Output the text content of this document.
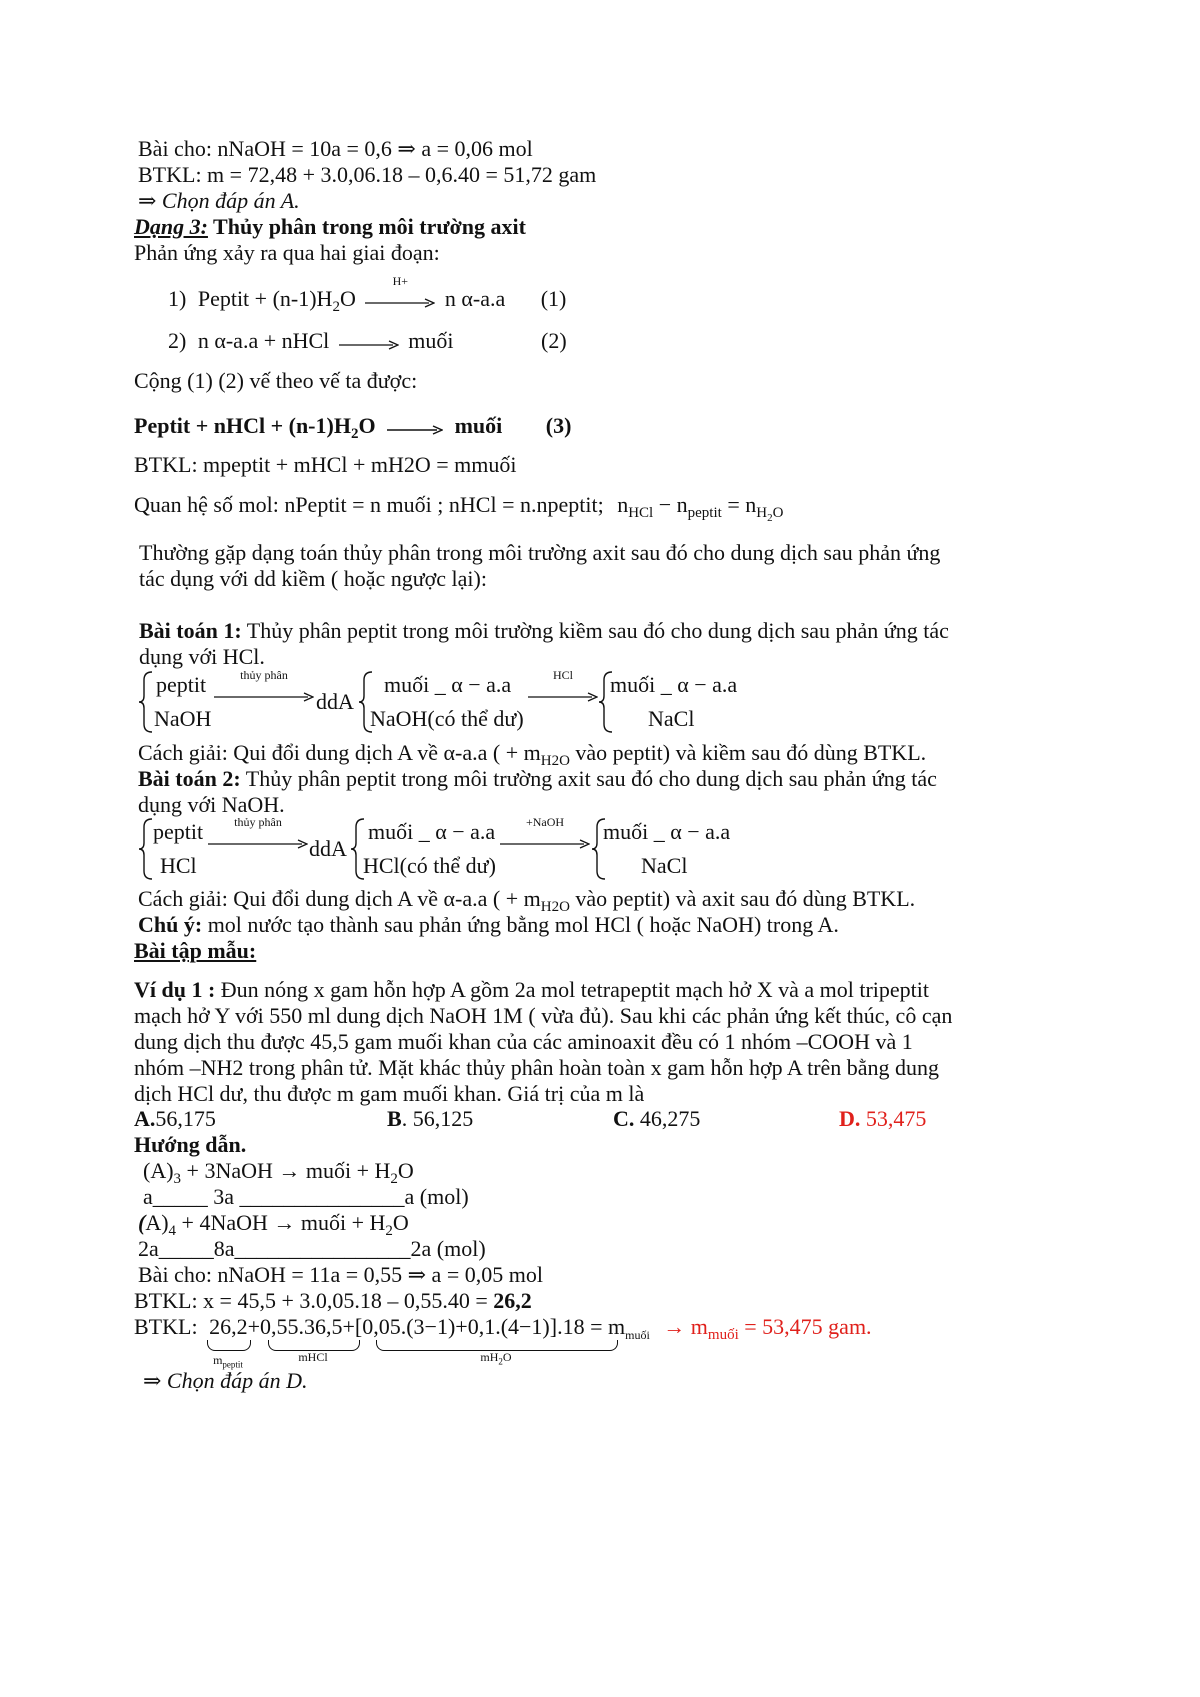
Bài cho: nNaOH = 10a = 0,6 ⇒ a = 0,06 mol
BTKL: m = 72,48 + 3.0,06.18 – 0,6.40 = 51,72 gam
⇒ Chọn đáp án A.
Dạng 3: Thủy phân trong môi trường axit
Phản ứng xảy ra qua hai giai đoạn:
1) Peptit + $(n-1)H_2O$
H+
n α-a.a (1)
2) n α-a.a + nHCl	muối	(2)
Cộng (1) (2) vế theo vế ta được:
Peptit + nHCl + $(n-1)H_2O$	muối (3)
BTKL: mpeptit + mHCl + mH2O = mmuối
Quan hệ số mol: nPeptit = n muối ; nHCl = n.npeptit; $n_{HCl} - n_{peptit} = n_{H_2O}$
Thường gặp dạng toán thủy phân trong môi trường axit sau đó cho dung dịch sau phản ứng
tác dụng với dd kiềm ( hoặc ngược lại):
Bài toán 1: Thủy phân peptit trong môi trường kiềm sau đó cho dung dịch sau phản ứng tác
dụng với HCl.
peptit
NaOH
thủy phân
ddA
muối _ α − a.a
NaOH(có thể dư)
HCl	muối _ α − a.a
NaCl
Cách giải: Qui đổi dung dịch A về α-a.a ( + $m_{H2O}$ vào peptit) và kiềm sau đó dùng BTKL.
Bài toán 2: Thủy phân peptit trong môi trường axit sau đó cho dung dịch sau phản ứng tác
dụng với NaOH.
peptit
HCl
thủy phân
ddA
muối _ α − a.a
HCl(có thể dư)
+NaOH	muối _ α − a.a
NaCl
Cách giải: Qui đổi dung dịch A về α-a.a ( + $m_{H2O}$ vào peptit) và axit sau đó dùng BTKL.
Chú ý: mol nước tạo thành sau phản ứng bằng mol HCl ( hoặc NaOH) trong A.
Bài tập mẫu:
Ví dụ 1 : Đun nóng x gam hỗn hợp A gồm 2a mol tetrapeptit mạch hở X và a mol tripeptit
mạch hở Y với 550 ml dung dịch NaOH 1M ( vừa đủ). Sau khi các phản ứng kết thúc, cô cạn
dung dịch thu được 45,5 gam muối khan của các aminoaxit đều có 1 nhóm –COOH và 1
nhóm –NH2 trong phân tử. Mặt khác thủy phân hoàn toàn x gam hỗn hợp A trên bằng dung
dịch HCl dư, thu được m gam muối khan. Giá trị của m là
A.56,175	B. 56,125	C. 46,275	D. 53,475
Hướng dẫn.
$(A)_3$ + 3NaOH → muối + $H_2O$
a_____ 3a _______________a (mol)
$(A)_4$ + 4NaOH → muối + $H_2O$
2a_____8a________________2a (mol)
Bài cho: nNaOH = 11a = 0,55 ⇒ a = 0,05 mol
BTKL: x = 45,5 + 3.0,05.18 – 0,55.40 = 26,2
BTKL: $26,2+0,55.36,5+[0,05.(3-1)+0,1.(4-1)].18 = m_{muối} \to m_{muối} = 53,475$ gam.
$m_{peptit}$
mHCl	$mH_2O$
⇒ Chọn đáp án D.
